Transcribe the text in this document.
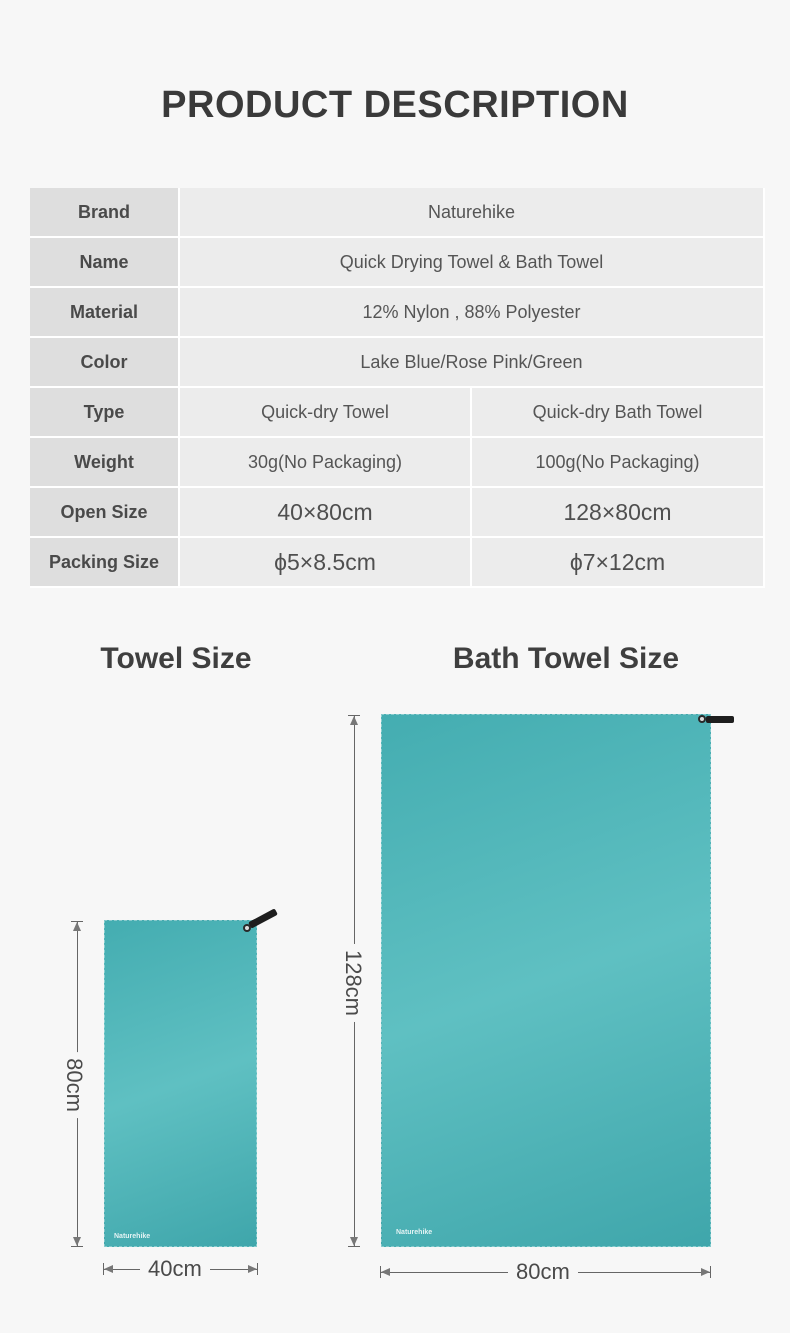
PRODUCT DESCRIPTION
Brand	Naturehike
Name	Quick Drying Towel & Bath Towel
Material	12% Nylon , 88% Polyester
Color	Lake Blue/Rose Pink/Green
Type	Quick-dry Towel	Quick-dry Bath Towel
Weight	30g(No Packaging)	100g(No Packaging)
Open Size	40×80cm	128×80cm
Packing Size	ϕ5×8.5cm	ϕ7×12cm
Towel Size
Naturehike
80cm
40cm
Bath Towel Size
Naturehike
128cm
80cm
